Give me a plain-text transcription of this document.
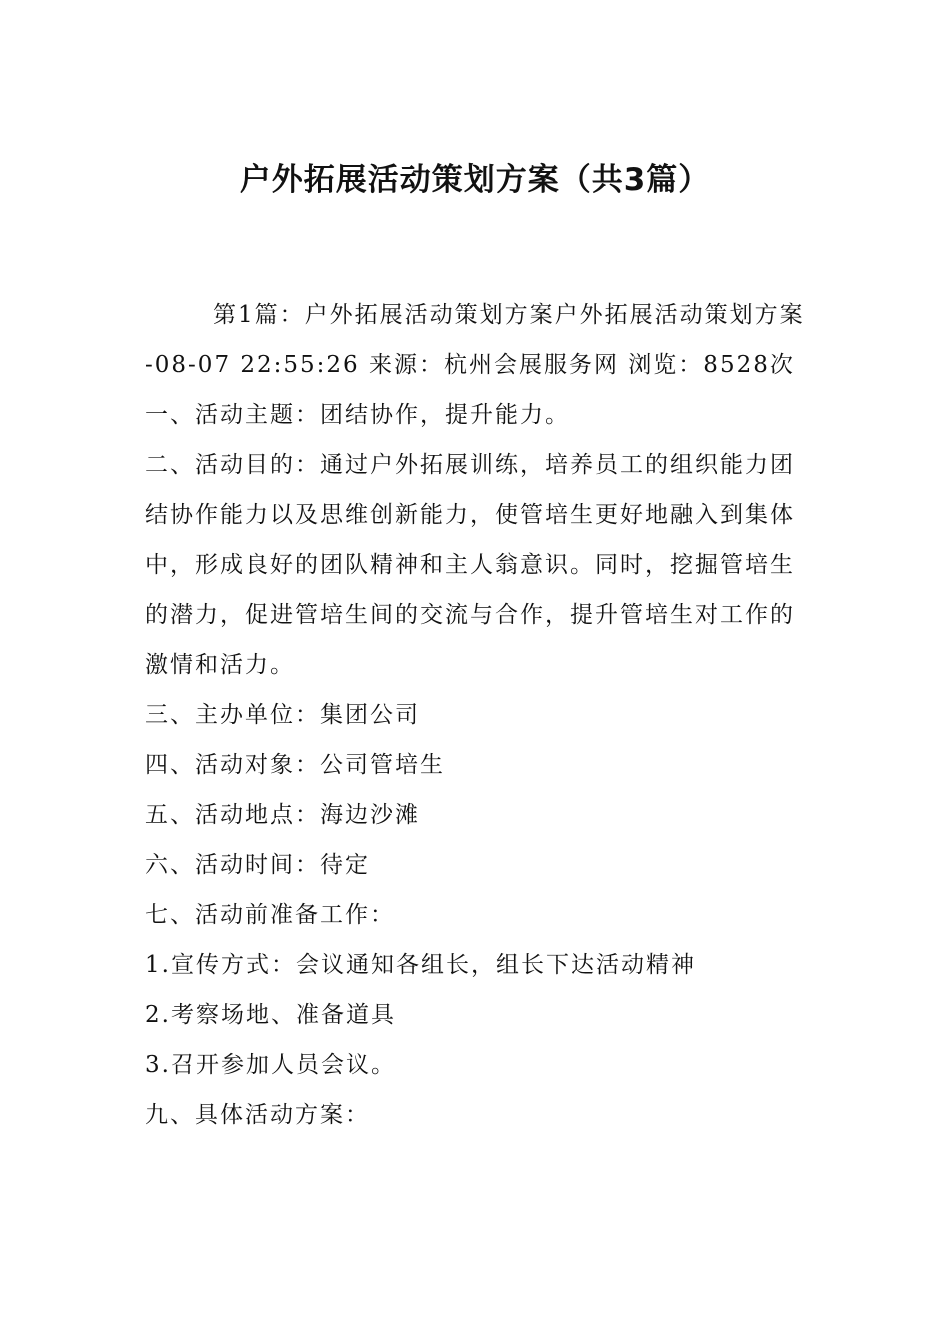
户外拓展活动策划方案（共3篇）

第1篇：户外拓展活动策划方案户外拓展活动策划方案

-08-07 22:55:26 来源：杭州会展服务网 浏览：8528次

一、活动主题：团结协作，提升能力。

二、活动目的：通过户外拓展训练，培养员工的组织能力团结协作能力以及思维创新能力，使管培生更好地融入到集体中，形成良好的团队精神和主人翁意识。同时，挖掘管培生的潜力，促进管培生间的交流与合作，提升管培生对工作的激情和活力。

三、主办单位：集团公司

四、活动对象：公司管培生

五、活动地点：海边沙滩

六、活动时间：待定

七、活动前准备工作：

1.宣传方式：会议通知各组长，组长下达活动精神

2.考察场地、准备道具

3.召开参加人员会议。

九、具体活动方案：
